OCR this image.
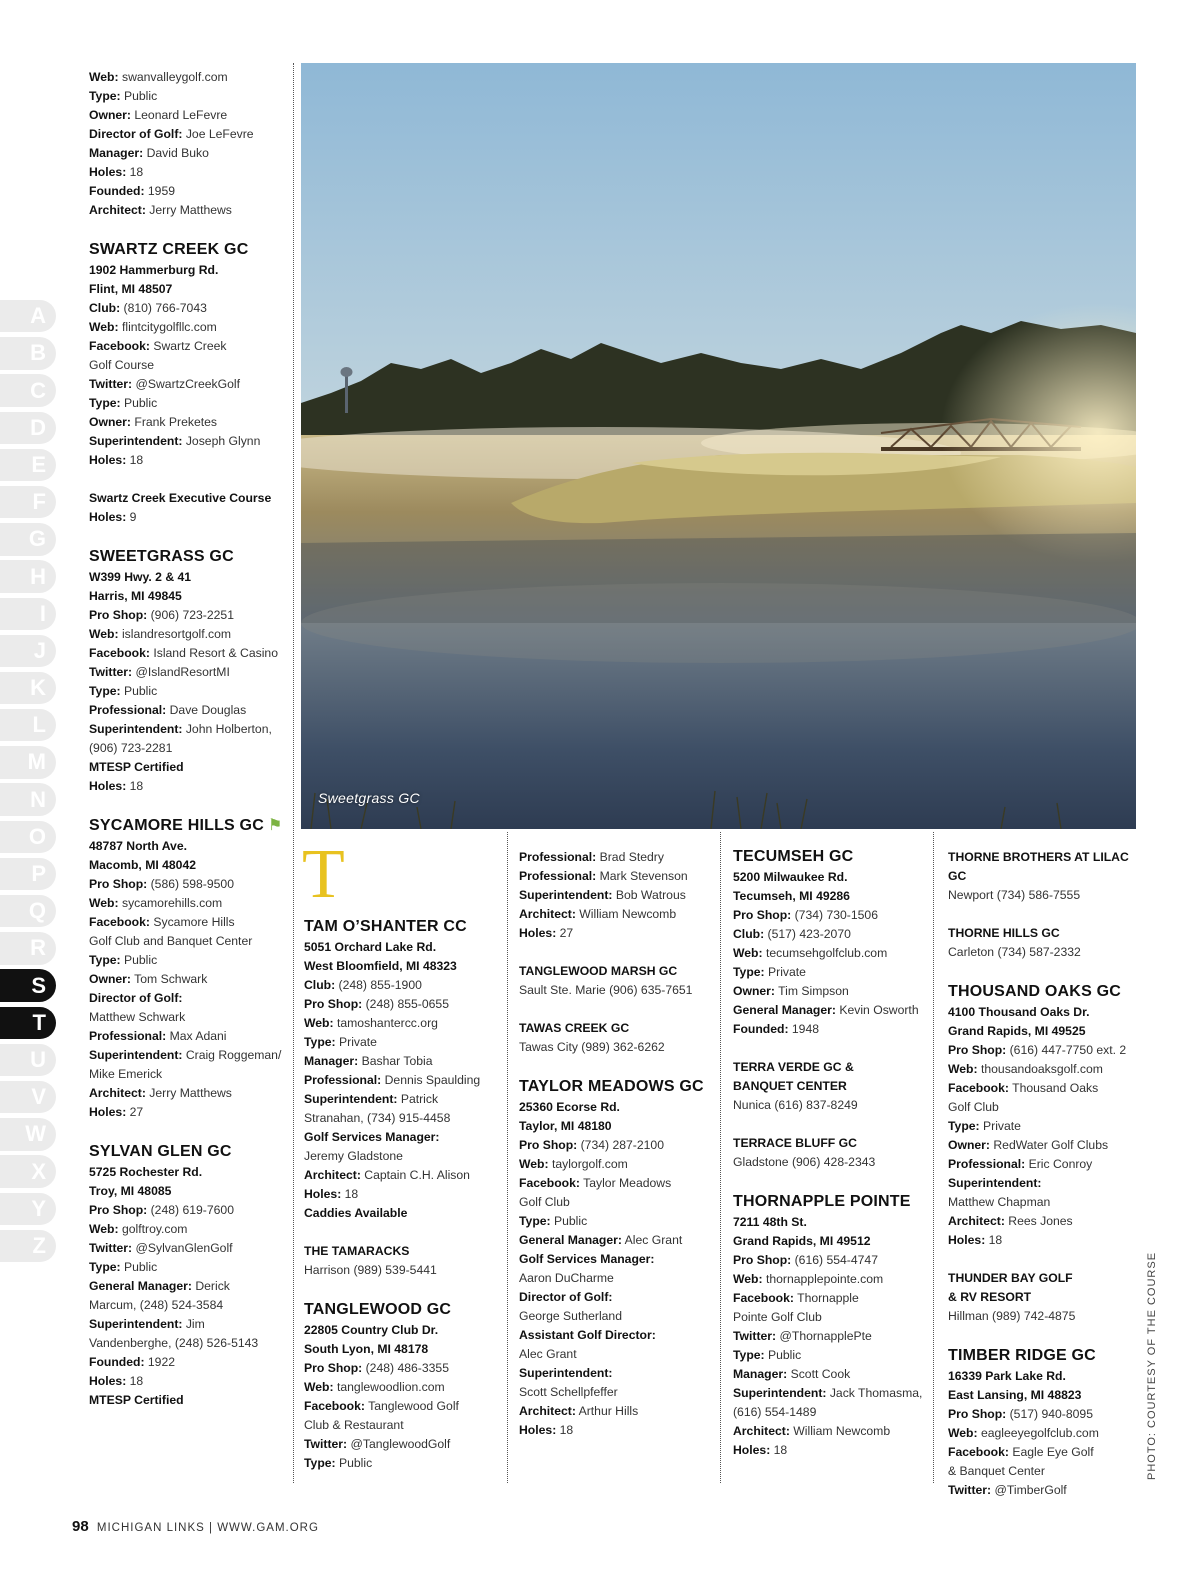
A
B
C
D
E
F
G
H
I
J
K
L
M
N
O
P
Q
R
S
T
U
V
W
X
Y
Z

Web: swanvalleygolf.com

Type: Public

Owner: Leonard LeFevre

Director of Golf: Joe LeFevre

Manager: David Buko

Holes: 18

Founded: 1959

Architect: Jerry Matthews

SWARTZ CREEK GC

1902 Hammerburg Rd.

Flint, MI 48507

Club: (810) 766-7043

Web: flintcitygolfllc.com

Facebook: Swartz Creek

Golf Course

Twitter: @SwartzCreekGolf

Type: Public

Owner: Frank Preketes

Superintendent: Joseph Glynn

Holes: 18

Swartz Creek Executive Course

Holes: 9

SWEETGRASS GC

W399 Hwy. 2 & 41

Harris, MI 49845

Pro Shop: (906) 723-2251

Web: islandresortgolf.com

Facebook: Island Resort & Casino

Twitter: @IslandResortMI

Type: Public

Professional: Dave Douglas

Superintendent: John Holberton,

(906) 723-2281

MTESP Certified

Holes: 18

SYCAMORE HILLS GC ⚑

48787 North Ave.

Macomb, MI 48042

Pro Shop: (586) 598-9500

Web: sycamorehills.com

Facebook: Sycamore Hills

Golf Club and Banquet Center

Type: Public

Owner: Tom Schwark

Director of Golf:

Matthew Schwark

Professional: Max Adani

Superintendent: Craig Roggeman/

Mike Emerick

Architect: Jerry Matthews

Holes: 27

SYLVAN GLEN GC

5725 Rochester Rd.

Troy, MI 48085

Pro Shop: (248) 619-7600

Web: golftroy.com

Twitter: @SylvanGlenGolf

Type: Public

General Manager: Derick

Marcum, (248) 524-3584

Superintendent: Jim

Vandenberghe, (248) 526-5143

Founded: 1922

Holes: 18

MTESP Certified

Sweetgrass GC
T

TAM O’SHANTER CC

5051 Orchard Lake Rd.

West Bloomfield, MI 48323

Club: (248) 855-1900

Pro Shop: (248) 855-0655

Web: tamoshantercc.org

Type: Private

Manager: Bashar Tobia

Professional: Dennis Spaulding

Superintendent: Patrick

Stranahan, (734) 915-4458

Golf Services Manager:

Jeremy Gladstone

Architect: Captain C.H. Alison

Holes: 18

Caddies Available

THE TAMARACKS

Harrison (989) 539-5441

TANGLEWOOD GC

22805 Country Club Dr.

South Lyon, MI 48178

Pro Shop: (248) 486-3355

Web: tanglewoodlion.com

Facebook: Tanglewood Golf

Club & Restaurant

Twitter: @TanglewoodGolf

Type: Public

Professional: Brad Stedry

Professional: Mark Stevenson

Superintendent: Bob Watrous

Architect: William Newcomb

Holes: 27

TANGLEWOOD MARSH GC

Sault Ste. Marie (906) 635-7651

TAWAS CREEK GC

Tawas City (989) 362-6262

TAYLOR MEADOWS GC

25360 Ecorse Rd.

Taylor, MI 48180

Pro Shop: (734) 287-2100

Web: taylorgolf.com

Facebook: Taylor Meadows

Golf Club

Type: Public

General Manager: Alec Grant

Golf Services Manager:

Aaron DuCharme

Director of Golf:

George Sutherland

Assistant Golf Director:

Alec Grant

Superintendent:

Scott Schellpfeffer

Architect: Arthur Hills

Holes: 18

TECUMSEH GC

5200 Milwaukee Rd.

Tecumseh, MI 49286

Pro Shop: (734) 730-1506

Club: (517) 423-2070

Web: tecumsehgolfclub.com

Type: Private

Owner: Tim Simpson

General Manager: Kevin Osworth

Founded: 1948

TERRA VERDE GC &

BANQUET CENTER

Nunica (616) 837-8249

TERRACE BLUFF GC

Gladstone (906) 428-2343

THORNAPPLE POINTE

7211 48th St.

Grand Rapids, MI 49512

Pro Shop: (616) 554-4747

Web: thornapplepointe.com

Facebook: Thornapple

Pointe Golf Club

Twitter: @ThornapplePte

Type: Public

Manager: Scott Cook

Superintendent: Jack Thomasma,

(616) 554-1489

Architect: William Newcomb

Holes: 18

THORNE BROTHERS AT LILAC GC

Newport (734) 586-7555

THORNE HILLS GC

Carleton (734) 587-2332

THOUSAND OAKS GC

4100 Thousand Oaks Dr.

Grand Rapids, MI 49525

Pro Shop: (616) 447-7750 ext. 2

Web: thousandoaksgolf.com

Facebook: Thousand Oaks

Golf Club

Type: Private

Owner: RedWater Golf Clubs

Professional: Eric Conroy

Superintendent:

Matthew Chapman

Architect: Rees Jones

Holes: 18

THUNDER BAY GOLF

& RV RESORT

Hillman (989) 742-4875

TIMBER RIDGE GC

16339 Park Lake Rd.

East Lansing, MI 48823

Pro Shop: (517) 940-8095

Web: eagleeyegolfclub.com

Facebook: Eagle Eye Golf

& Banquet Center

Twitter: @TimberGolf

PHOTO: COURTESY OF THE COURSE
98 MICHIGAN LINKS | WWW.GAM.ORG
